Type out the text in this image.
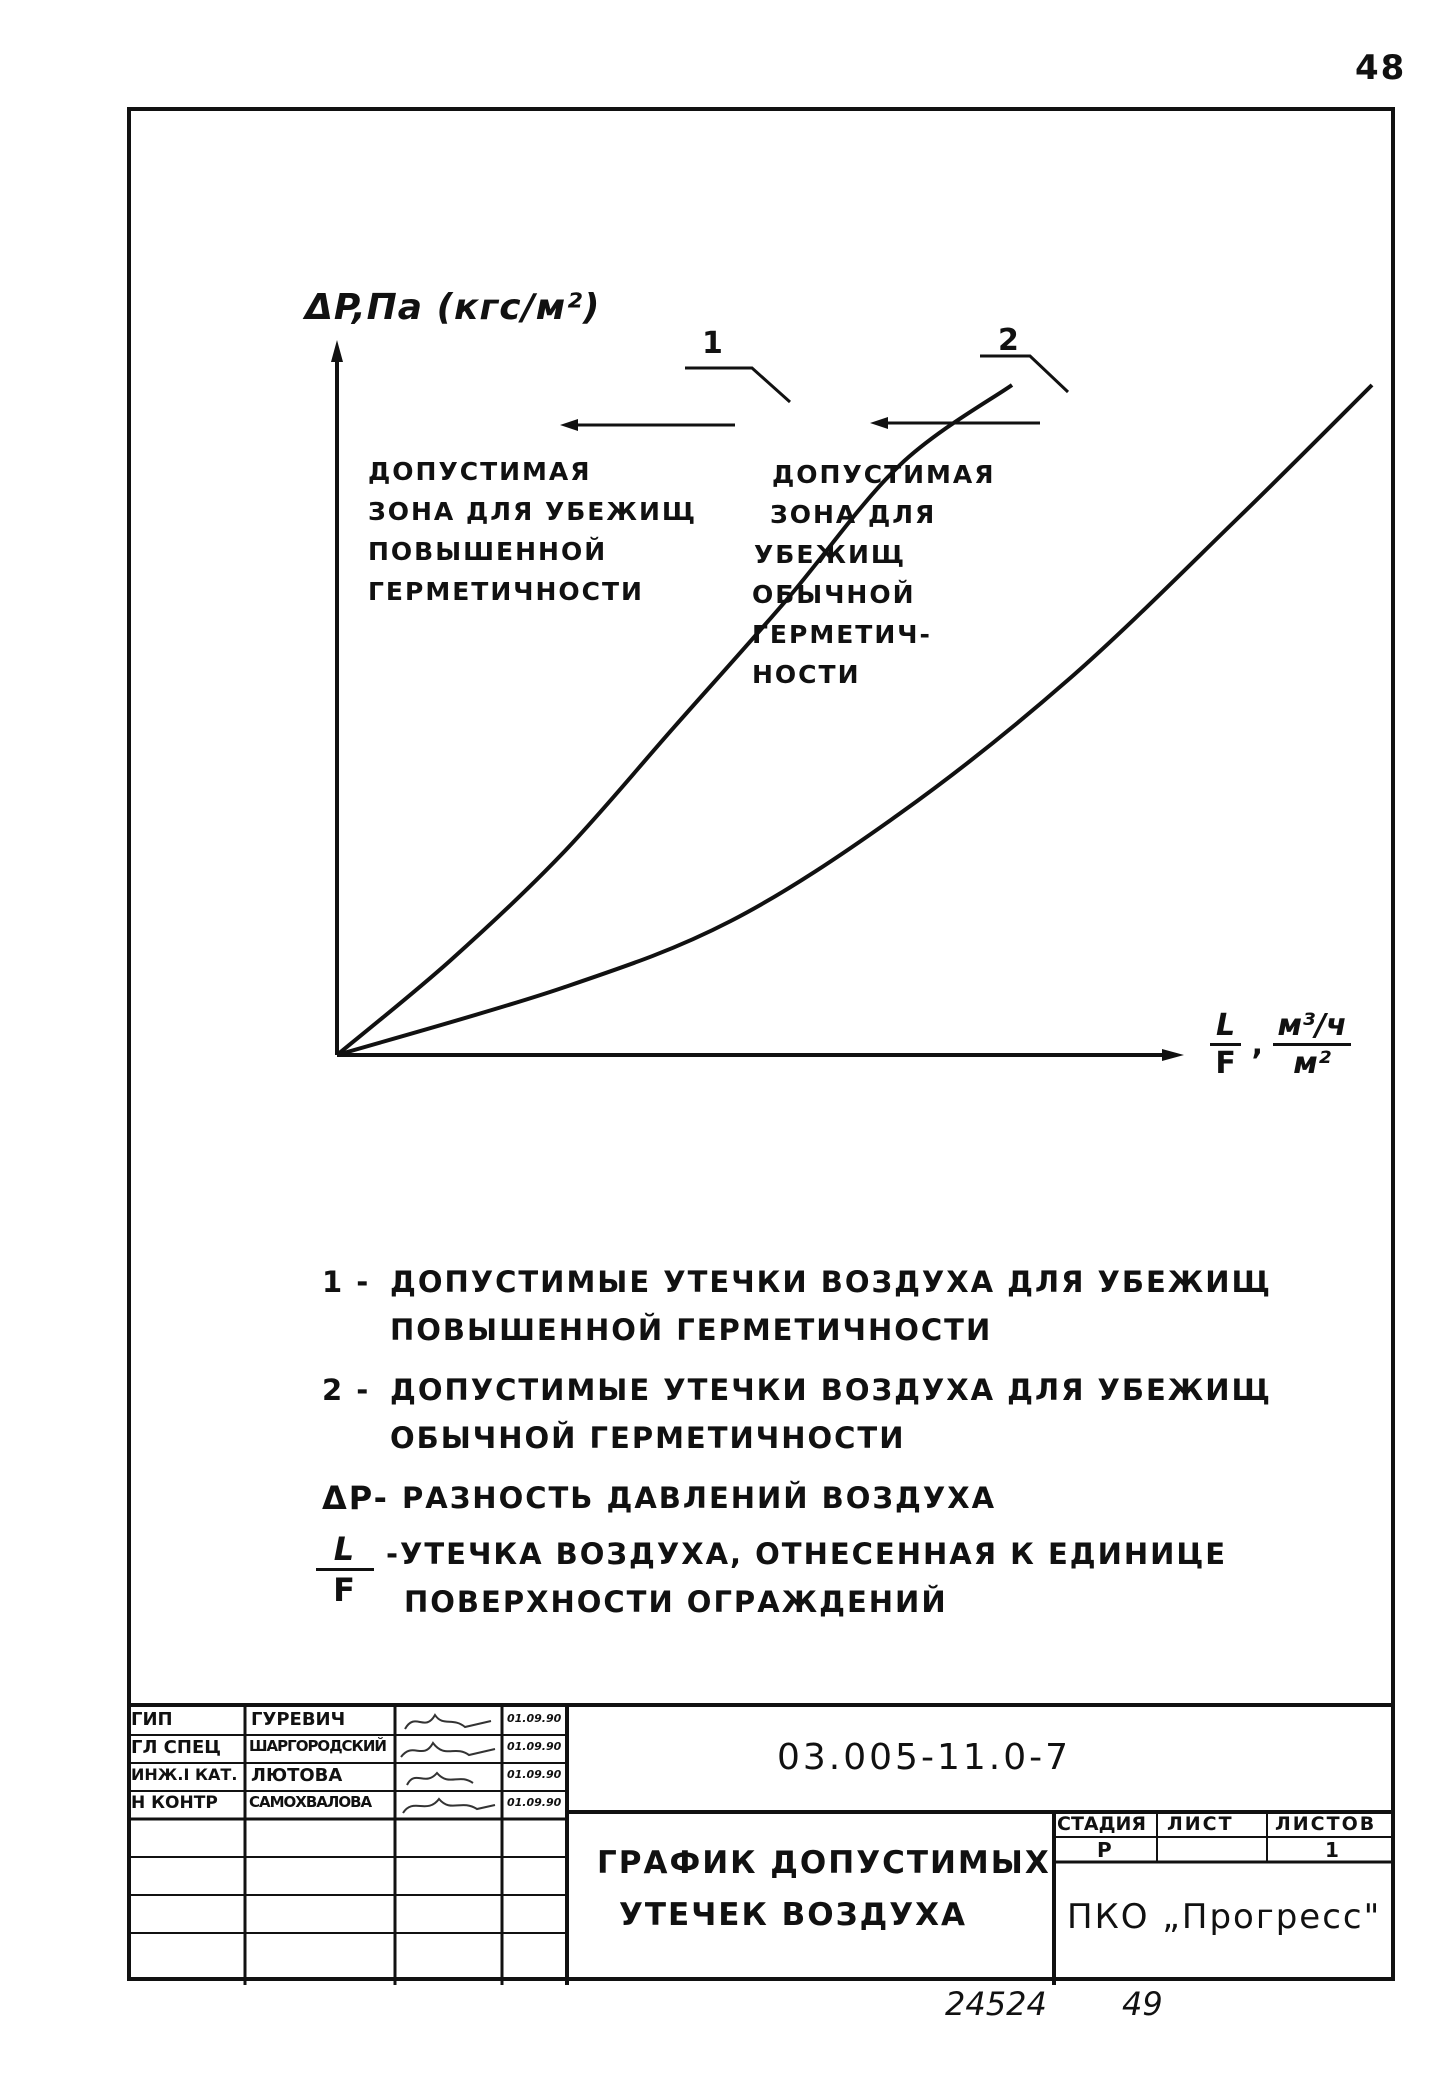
48
ΔP,Па (кгс/м²)
1	2
ДОПУСТИМАЯ
ЗОНА ДЛЯ УБЕЖИЩ
ПОВЫШЕННОЙ
ГЕРМЕТИЧНОСТИ
ДОПУСТИМАЯ
ЗОНА ДЛЯ
УБЕЖИЩ
ОБЫЧНОЙ
ГЕРМЕТИЧ-
НОСТИ
$\frac{L}{F}$ ,
м³/ч
м²
1 - ДОПУСТИМЫЕ УТЕЧКИ ВОЗДУХА ДЛЯ УБЕЖИЩ
ПОВЫШЕННОЙ ГЕРМЕТИЧНОСТИ
2 - ДОПУСТИМЫЕ УТЕЧКИ ВОЗДУХА ДЛЯ УБЕЖИЩ
ОБЫЧНОЙ ГЕРМЕТИЧНОСТИ
ΔP- РАЗНОСТЬ ДАВЛЕНИЙ ВОЗДУХА
$\frac{L}{F}$ -УТЕЧКА ВОЗДУХА, ОТНЕСЕННАЯ К ЕДИНИЦЕ
ПОВЕРХНОСТИ ОГРАЖДЕНИЙ
ГИП
ГЛ СПЕЦ
ИНЖ.I КАТ.
Н КОНТР
ГУРЕВИЧ
ШАРГОРОДСКИЙ
ЛЮТОВА
САМОХВАЛОВА
01.09.90
01.09.90
01.09.90
01.09.90
03.005-11.0-7
ГРАФИК ДОПУСТИМЫХ
УТЕЧЕК ВОЗДУХА
СТАДИЯ ЛИСТ ЛИСТОВ
Р	1
ПКО „Прогресс"
24524 49
